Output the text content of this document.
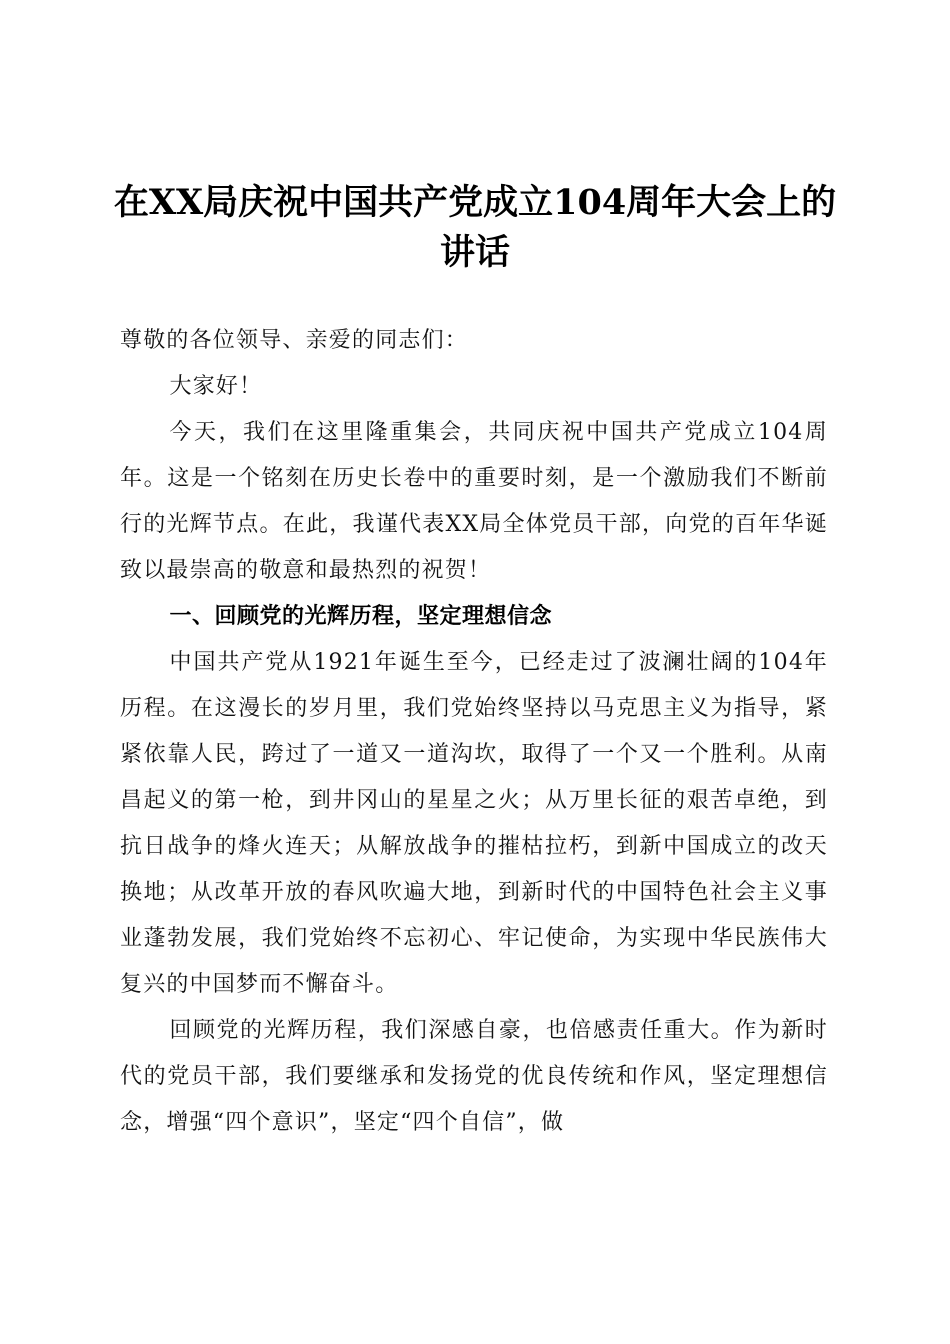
在XX局庆祝中国共产党成立104周年大会上的讲话

尊敬的各位领导、亲爱的同志们：

大家好！

今天，我们在这里隆重集会，共同庆祝中国共产党成立104周年。这是一个铭刻在历史长卷中的重要时刻，是一个激励我们不断前行的光辉节点。在此，我谨代表XX局全体党员干部，向党的百年华诞致以最崇高的敬意和最热烈的祝贺！

一、回顾党的光辉历程，坚定理想信念

中国共产党从1921年诞生至今，已经走过了波澜壮阔的104年历程。在这漫长的岁月里，我们党始终坚持以马克思主义为指导，紧紧依靠人民，跨过了一道又一道沟坎，取得了一个又一个胜利。从南昌起义的第一枪，到井冈山的星星之火；从万里长征的艰苦卓绝，到抗日战争的烽火连天；从解放战争的摧枯拉朽，到新中国成立的改天换地；从改革开放的春风吹遍大地，到新时代的中国特色社会主义事业蓬勃发展，我们党始终不忘初心、牢记使命，为实现中华民族伟大复兴的中国梦而不懈奋斗。

回顾党的光辉历程，我们深感自豪，也倍感责任重大。作为新时代的党员干部，我们要继承和发扬党的优良传统和作风，坚定理想信念，增强“四个意识”，坚定“四个自信”，做
